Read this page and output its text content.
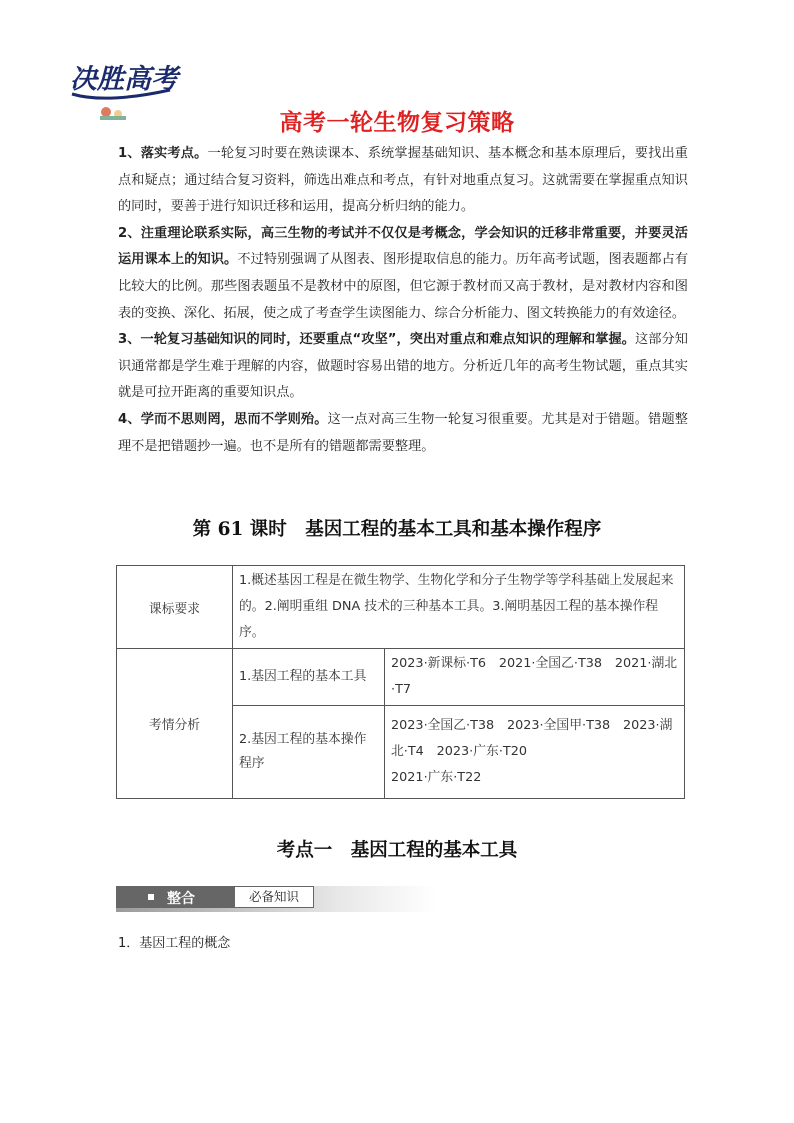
决胜高考
高考一轮生物复习策略

1、落实考点。一轮复习时要在熟读课本、系统掌握基础知识、基本概念和基本原理后，要找出重点和疑点；通过结合复习资料，筛选出难点和考点，有针对地重点复习。这就需要在掌握重点知识的同时，要善于进行知识迁移和运用，提高分析归纳的能力。

2、注重理论联系实际，高三生物的考试并不仅仅是考概念，学会知识的迁移非常重要，并要灵活运用课本上的知识。不过特别强调了从图表、图形提取信息的能力。历年高考试题，图表题都占有比较大的比例。那些图表题虽不是教材中的原图，但它源于教材而又高于教材，是对教材内容和图表的变换、深化、拓展，使之成了考查学生读图能力、综合分析能力、图文转换能力的有效途径。

3、一轮复习基础知识的同时，还要重点“攻坚”，突出对重点和难点知识的理解和掌握。这部分知识通常都是学生难于理解的内容，做题时容易出错的地方。分析近几年的高考生物试题，重点其实就是可拉开距离的重要知识点。

4、学而不思则罔，思而不学则殆。这一点对高三生物一轮复习很重要。尤其是对于错题。错题整理不是把错题抄一遍。也不是所有的错题都需要整理。

第 61 课时　基因工程的基本工具和基本操作程序
课标要求	1.概述基因工程是在微生物学、生物化学和分子生物学等学科基础上发展起来的。2.阐明重组 DNA 技术的三种基本工具。3.阐明基因工程的基本操作程序。	
考情分析	1.基因工程的基本工具	2023·新课标·T6　2021·全国乙·T38　2021·湖北·T7
	2.基因工程的基本操作程序	2023·全国乙·T38　2023·全国甲·T38　2023·湖北·T4　2023·广东·T20
2021·广东·T22
考点一　基因工程的基本工具
整合	必备知识
1．基因工程的概念
